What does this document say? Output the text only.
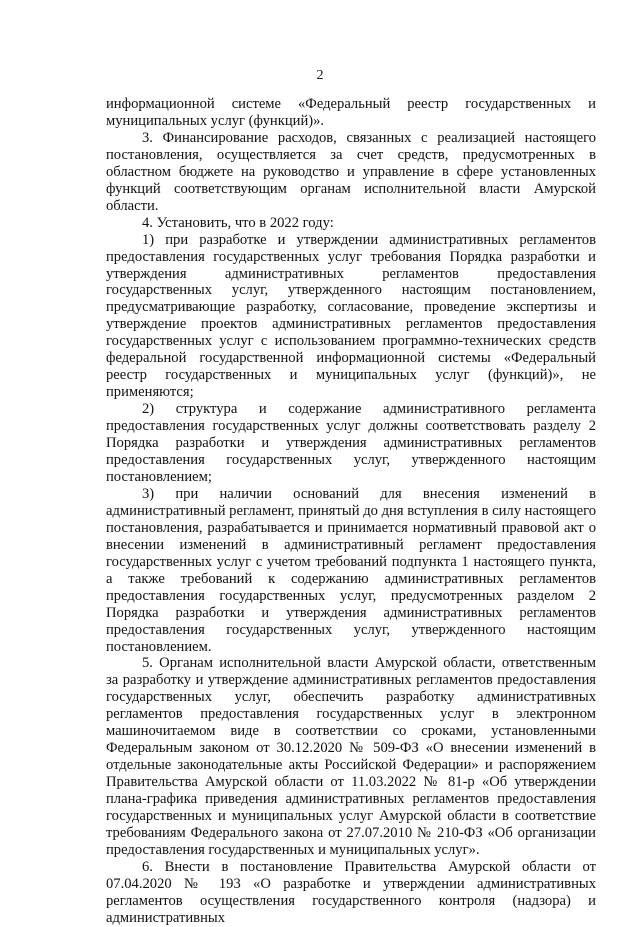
2

информационной системе «Федеральный реестр государственных и муниципальных услуг (функций)».

3. Финансирование расходов, связанных с реализацией настоящего постановления, осуществляется за счет средств, предусмотренных в областном бюджете на руководство и управление в сфере установленных функций соответствующим органам исполнительной власти Амурской области.

4. Установить, что в 2022 году:

1) при разработке и утверждении административных регламентов предоставления государственных услуг требования Порядка разработки и утверждения административных регламентов предоставления государственных услуг, утвержденного настоящим постановлением, предусматривающие разработку, согласование, проведение экспертизы и утверждение проектов административных регламентов предоставления государственных услуг с использованием программно-технических средств федеральной государственной информационной системы «Федеральный реестр государственных и муниципальных услуг (функций)», не применяются;

2) структура и содержание административного регламента предоставления государственных услуг должны соответствовать разделу 2 Порядка разработки и утверждения административных регламентов предоставления государственных услуг, утвержденного настоящим постановлением;

3) при наличии оснований для внесения изменений в административный регламент, принятый до дня вступления в силу настоящего постановления, разрабатывается и принимается нормативный правовой акт о внесении изменений в административный регламент предоставления государственных услуг с учетом требований подпункта 1 настоящего пункта, а также требований к содержанию административных регламентов предоставления государственных услуг, предусмотренных разделом 2 Порядка разработки и утверждения административных регламентов предоставления государственных услуг, утвержденного настоящим постановлением.

5. Органам исполнительной власти Амурской области, ответственным за разработку и утверждение административных регламентов предоставления государственных услуг, обеспечить разработку административных регламентов предоставления государственных услуг в электронном машиночитаемом виде в соответствии со сроками, установленными Федеральным законом от 30.12.2020 № 509-ФЗ «О внесении изменений в отдельные законодательные акты Российской Федерации» и распоряжением Правительства Амурской области от 11.03.2022 № 81-р «Об утверждении плана-графика приведения административных регламентов предоставления государственных и муниципальных услуг Амурской области в соответствие требованиям Федерального закона от 27.07.2010 № 210-ФЗ «Об организации предоставления государственных и муниципальных услуг».

6. Внести в постановление Правительства Амурской области от 07.04.2020 № 193 «О разработке и утверждении административных регламентов осуществления государственного контроля (надзора) и административных
